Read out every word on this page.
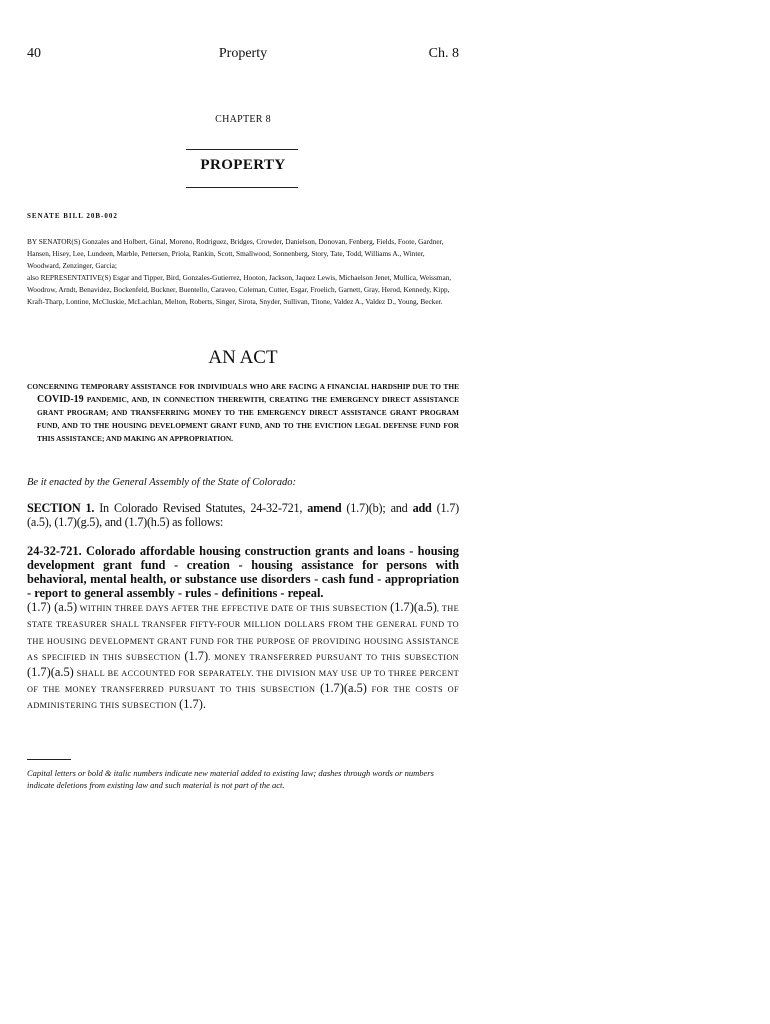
40	Property	Ch. 8
CHAPTER 8
PROPERTY
SENATE BILL 20B-002

BY SENATOR(S) Gonzales and Holbert, Ginal, Moreno, Rodriguez, Bridges, Crowder, Danielson, Donovan, Fenberg, Fields, Foote, Gardner, Hansen, Hisey, Lee, Lundeen, Marble, Pettersen, Priola, Rankin, Scott, Smallwood, Sonnenberg, Story, Tate, Todd, Williams A., Winter, Woodward, Zenzinger, Garcia;

also REPRESENTATIVE(S) Esgar and Tipper, Bird, Gonzales-Gutierrez, Hooton, Jackson, Jaquez Lewis, Michaelson Jenet, Mullica, Weissman, Woodrow, Arndt, Benavidez, Bockenfeld, Buckner, Buentello, Caraveo, Coleman, Cutter, Esgar, Froelich, Garnett, Gray, Herod, Kennedy, Kipp, Kraft-Tharp, Lontine, McCluskie, McLachlan, Melton, Roberts, Singer, Sirota, Snyder, Sullivan, Titone, Valdez A., Valdez D., Young, Becker.

AN ACT
CONCERNING TEMPORARY ASSISTANCE FOR INDIVIDUALS WHO ARE FACING A FINANCIAL HARDSHIP DUE TO THE COVID-19 PANDEMIC, AND, IN CONNECTION THEREWITH, CREATING THE EMERGENCY DIRECT ASSISTANCE GRANT PROGRAM; AND TRANSFERRING MONEY TO THE EMERGENCY DIRECT ASSISTANCE GRANT PROGRAM FUND, AND TO THE HOUSING DEVELOPMENT GRANT FUND, AND TO THE EVICTION LEGAL DEFENSE FUND FOR THIS ASSISTANCE; AND MAKING AN APPROPRIATION.
Be it enacted by the General Assembly of the State of Colorado:
SECTION 1. In Colorado Revised Statutes, 24-32-721, amend (1.7)(b); and add (1.7)(a.5), (1.7)(g.5), and (1.7)(h.5) as follows:
24-32-721. Colorado affordable housing construction grants and loans - housing development grant fund - creation - housing assistance for persons with behavioral, mental health, or substance use disorders - cash fund - appropriation - report to general assembly - rules - definitions - repeal.
(1.7) (a.5) WITHIN THREE DAYS AFTER THE EFFECTIVE DATE OF THIS SUBSECTION (1.7)(a.5), THE STATE TREASURER SHALL TRANSFER FIFTY-FOUR MILLION DOLLARS FROM THE GENERAL FUND TO THE HOUSING DEVELOPMENT GRANT FUND FOR THE PURPOSE OF PROVIDING HOUSING ASSISTANCE AS SPECIFIED IN THIS SUBSECTION (1.7). MONEY TRANSFERRED PURSUANT TO THIS SUBSECTION (1.7)(a.5) SHALL BE ACCOUNTED FOR SEPARATELY. THE DIVISION MAY USE UP TO THREE PERCENT OF THE MONEY TRANSFERRED PURSUANT TO THIS SUBSECTION (1.7)(a.5) FOR THE COSTS OF ADMINISTERING THIS SUBSECTION (1.7).
Capital letters or bold & italic numbers indicate new material added to existing law; dashes through words or numbers indicate deletions from existing law and such material is not part of the act.
